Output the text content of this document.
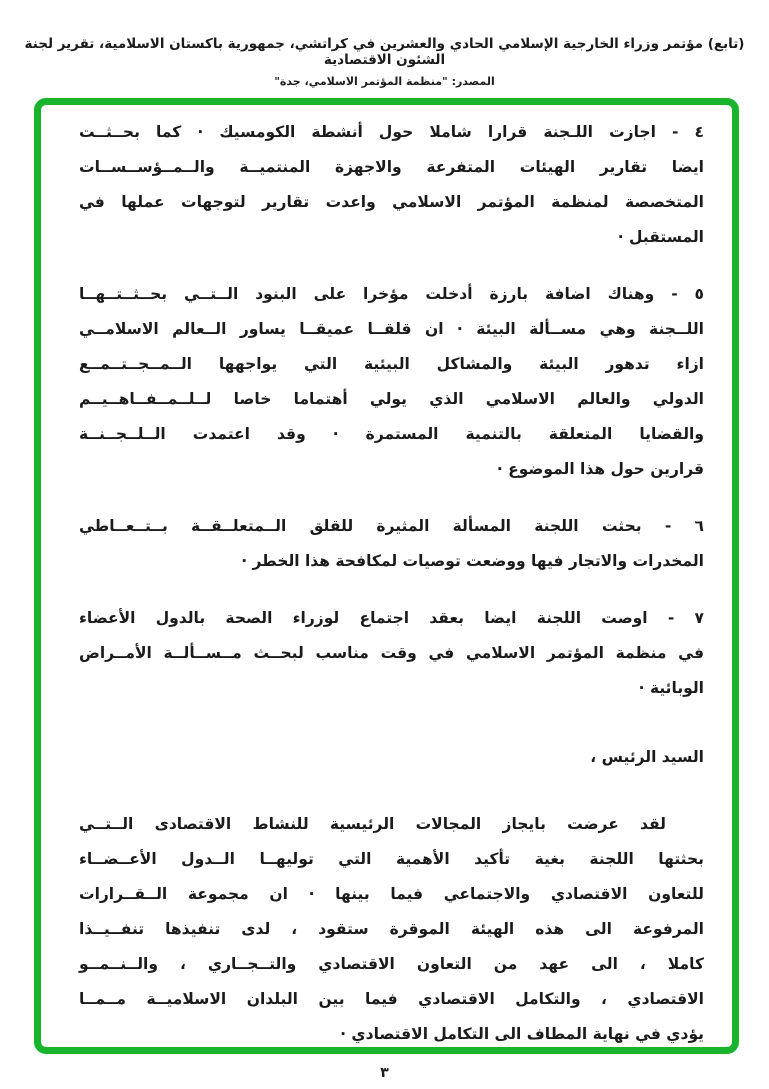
(تابع) مؤتمر وزراء الخارجية الإسلامي الحادي والعشرين في كراتشي، جمهورية باكستان الاسلامية، تقرير لجنة الشئون الاقتصادية
المصدر: "منظمة المؤتمر الاسلامي، جدة"
٤ - اجازت اللـجنة قرارا شاملا حول أنشطة الكومسيك · كما بحــثــت
ايضا تقارير الهيئات المتفرعة والاجهزة المنتميــة والــمــؤســســات
المتخصصة لمنظمة المؤتمر الاسلامي واعدت تقارير لتوجهات عملها في
المستقبل ·
٥ - وهناك اضافة بارزة أدخلت مؤخرا على البنود الــتــي بحــثــتــهــا
اللــجنة وهي مســألة البيئة · ان قلقــا عميقــا يساور الــعالم الاسلامــي
ازاء تدهور البيئة والمشاكل البيئية التي يواجهها الــمــجــتــمــع
الدولي والعالم الاسلامي الذي يولي أهتماما خاصا لــلــمــفــاهــيــم
والقضايا المتعلقة بالتنمية المستمرة · وقد اعتمدت الــلــجــنــة
قرارين حول هذا الموضوع ·
٦ - بحثت اللجنة المسألة المثيرة للقلق الــمتعلــقــة بــتــعــاطي
المخدرات والاتجار فيها ووضعت توصيات لمكافحة هذا الخطر ·
٧ - اوصت اللجنة ايضا بعقد اجتماع لوزراء الصحة بالدول الأعضاء
في منظمة المؤتمر الاسلامي في وقت مناسب لبحــث مــســألــة الأمــراض
الوبائية ·
السيد الرئيس ،
لقد عرضت بايجاز المجالات الرئيسية للنشاط الاقتصادى الــتــي
بحثتها اللجنة بغية تأكيد الأهمية التي توليهــا الــدول الأعــضــاء
للتعاون الاقتصادي والاجتماعي فيما بينها · ان مجموعة الــقــرارات
المرفوعة الى هذه الهيئة الموقرة ستقود ، لدى تنفيذها تنفــيــذا
كاملا ، الى عهد من التعاون الاقتصادي والتــجــاري ، والــنــمــو
الاقتصادي ، والتكامل الاقتصادي فيما بين البلدان الاسلاميــة مــمــا
يؤدي في نهاية المطاف الى التكامل الاقتصادي ·
٣
